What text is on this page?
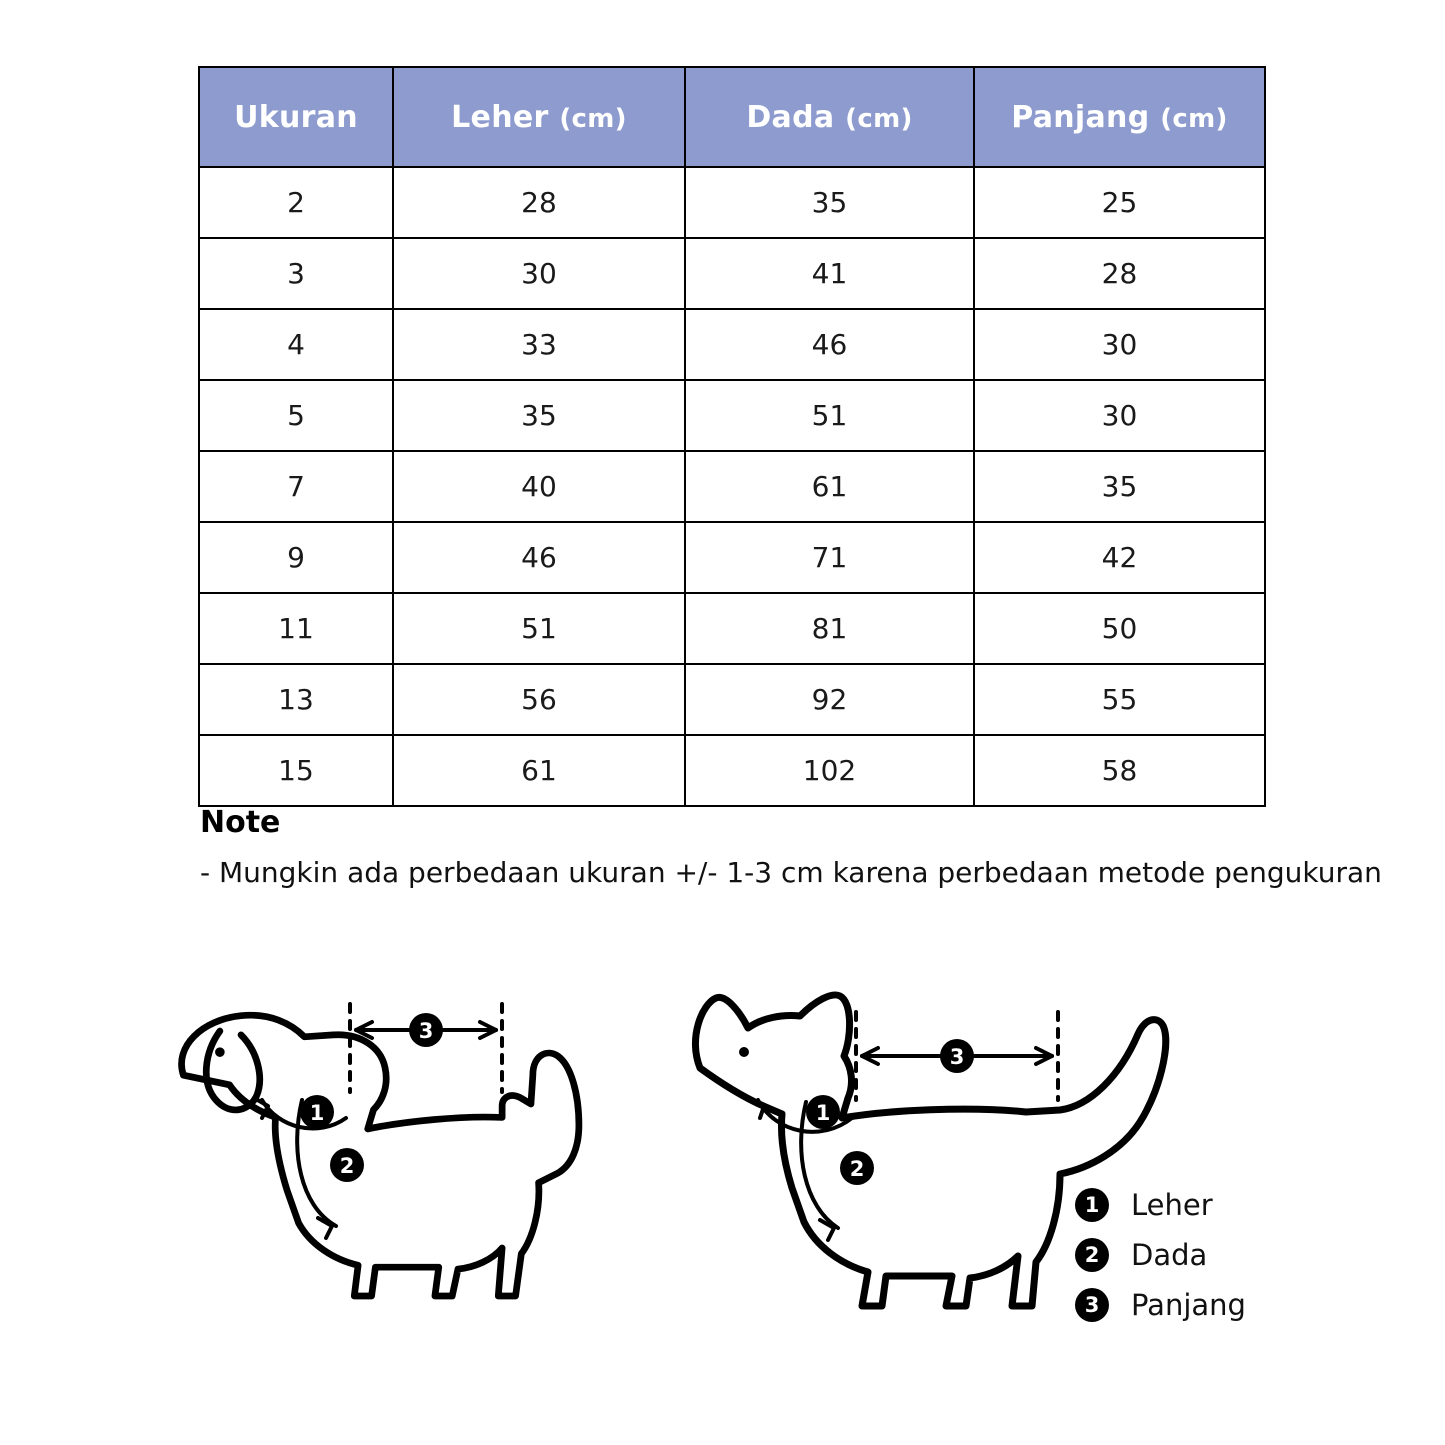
Ukuran	Leher (cm)	Dada (cm)	Panjang (cm)
2	28	35	25
3	30	41	28
4	33	46	30
5	35	51	30
7	40	61	35
9	46	71	42
11	51	81	50
13	56	92	55
15	61	102	58
Note
- Mungkin ada perbedaan ukuran +/- 1-3 cm karena perbedaan metode pengukuran
1
2
3
1
2
3
1	Leher
2	Dada
3	Panjang
